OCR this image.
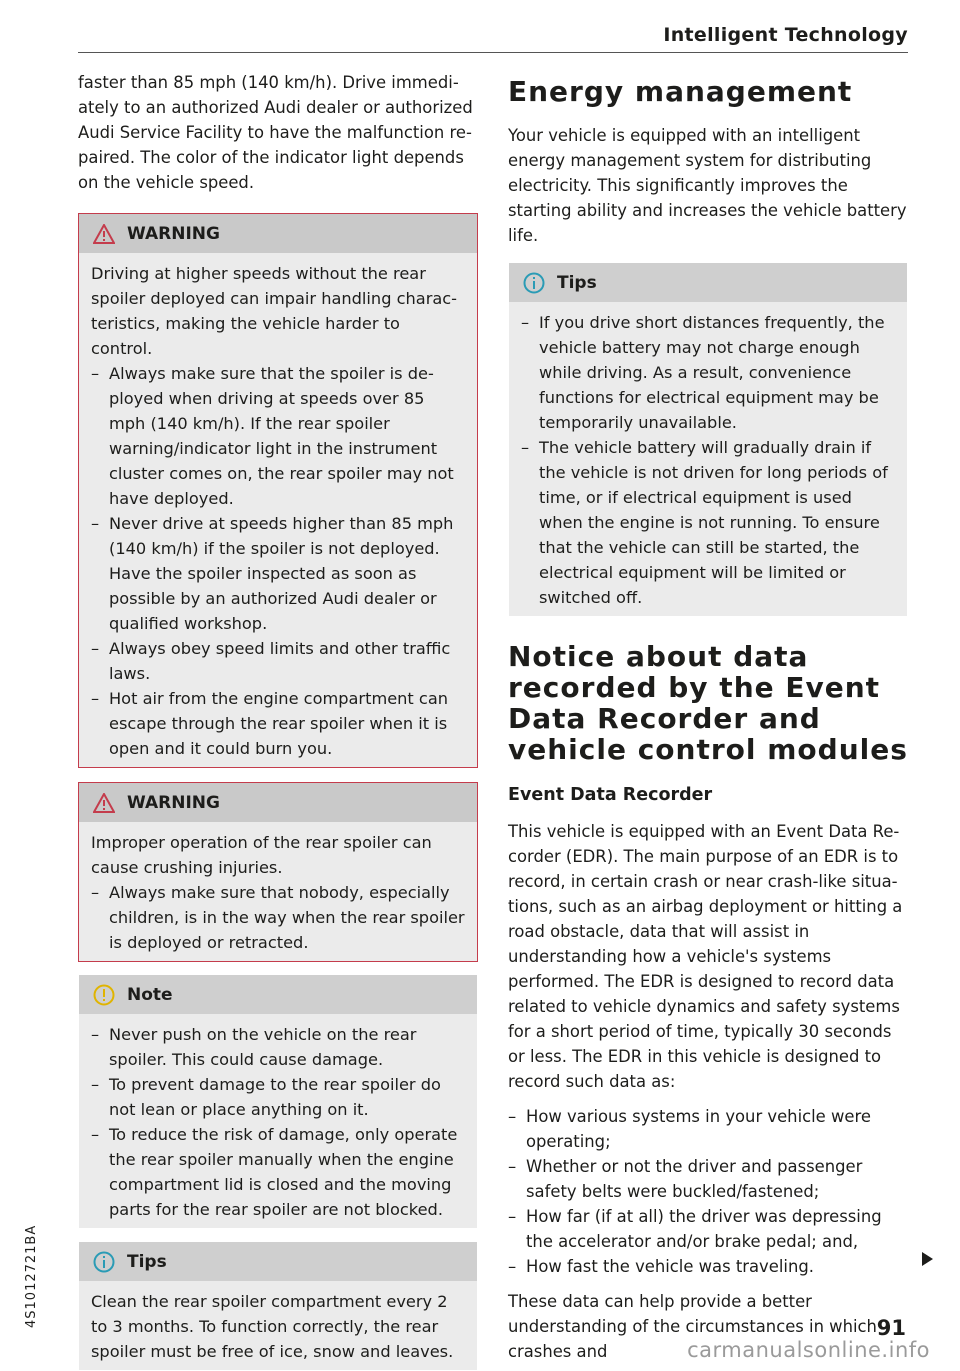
Intelligent Technology

faster than 85 mph (140 km/h). Drive immediately to an authorized Audi dealer or authorized Audi Service Facility to have the malfunction repaired. The color of the indicator light depends on the vehicle speed.

WARNING

Driving at higher speeds without the rear spoiler deployed can impair handling characteristics, making the vehicle harder to control.

– Always make sure that the spoiler is deployed when driving at speeds over 85 mph (140 km/h). If the rear spoiler warning/indicator light in the instrument cluster comes on, the rear spoiler may not have deployed.
– Never drive at speeds higher than 85 mph (140 km/h) if the spoiler is not deployed. Have the spoiler inspected as soon as possible by an authorized Audi dealer or qualified workshop.
– Always obey speed limits and other traffic laws.
– Hot air from the engine compartment can escape through the rear spoiler when it is open and it could burn you.
WARNING

Improper operation of the rear spoiler can cause crushing injuries.

– Always make sure that nobody, especially children, is in the way when the rear spoiler is deployed or retracted.
Note
– Never push on the vehicle on the rear spoiler. This could cause damage.
– To prevent damage to the rear spoiler do not lean or place anything on it.
– To reduce the risk of damage, only operate the rear spoiler manually when the engine compartment lid is closed and the moving parts for the rear spoiler are not blocked.
Tips

Clean the rear spoiler compartment every 2 to 3 months. To function correctly, the rear spoiler must be free of ice, snow and leaves.

Energy management

Your vehicle is equipped with an intelligent energy management system for distributing electricity. This significantly improves the starting ability and increases the vehicle battery life.

Tips
– If you drive short distances frequently, the vehicle battery may not charge enough while driving. As a result, convenience functions for electrical equipment may be temporarily unavailable.
– The vehicle battery will gradually drain if the vehicle is not driven for long periods of time, or if electrical equipment is used when the engine is not running. To ensure that the vehicle can still be started, the electrical equipment will be limited or switched off.
Notice about data recorded by the Event Data Recorder and vehicle control modules
Event Data Recorder

This vehicle is equipped with an Event Data Recorder (EDR). The main purpose of an EDR is to record, in certain crash or near crash-like situations, such as an airbag deployment or hitting a road obstacle, data that will assist in understanding how a vehicle's systems performed. The EDR is designed to record data related to vehicle dynamics and safety systems for a short period of time, typically 30 seconds or less. The EDR in this vehicle is designed to record such data as:

– How various systems in your vehicle were operating;
– Whether or not the driver and passenger safety belts were buckled/fastened;
– How far (if at all) the driver was depressing the accelerator and/or brake pedal; and,
– How fast the vehicle was traveling.

These data can help provide a better understanding of the circumstances in which crashes and

4S1012721BA	91
carmanualsonline.info
